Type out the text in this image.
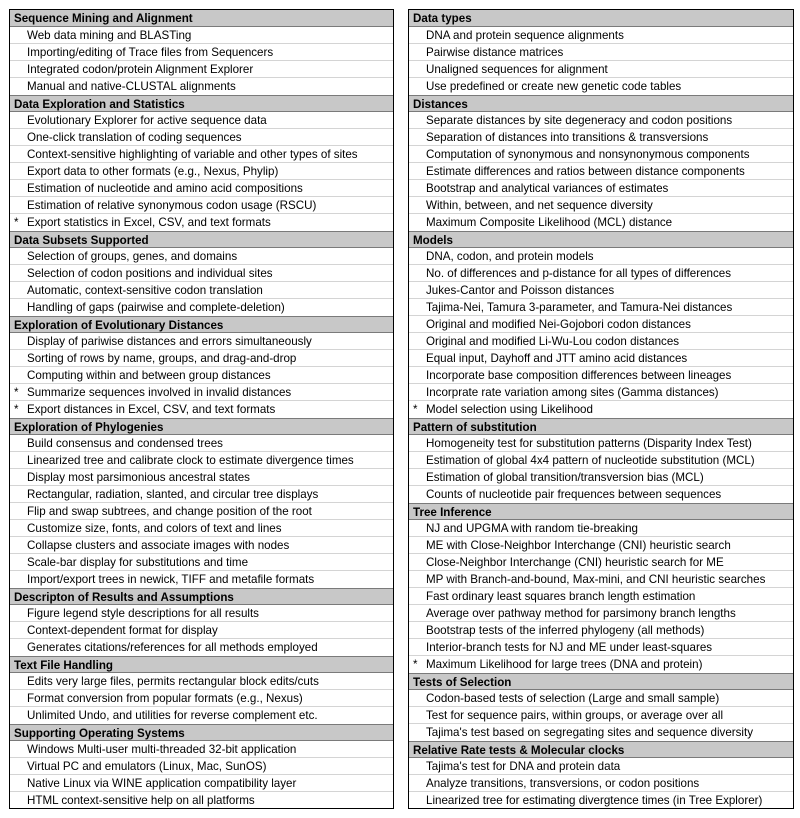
Sequence Mining and Alignment
Web data mining and BLASTing
Importing/editing of Trace files from Sequencers
Integrated codon/protein Alignment Explorer
Manual and native-CLUSTAL alignments
Data Exploration and Statistics
Evolutionary Explorer for active sequence data
One-click translation of coding sequences
Context-sensitive highlighting of variable and other types of sites
Export data to other formats (e.g., Nexus, Phylip)
Estimation of nucleotide and amino acid compositions
Estimation of relative synonymous codon usage (RSCU)
* Export statistics in Excel, CSV, and text formats
Data Subsets Supported
Selection of groups, genes, and domains
Selection of codon positions and individual sites
Automatic, context-sensitive codon translation
Handling of gaps (pairwise and complete-deletion)
Exploration of Evolutionary Distances
Display of pariwise distances and errors simultaneously
Sorting of rows by name, groups, and drag-and-drop
Computing within and between group distances
* Summarize sequences involved in invalid distances
* Export distances in Excel, CSV, and text formats
Exploration of Phylogenies
Build consensus and condensed trees
Linearized tree and calibrate clock to estimate divergence times
Display most parsimonious ancestral states
Rectangular, radiation, slanted, and circular tree displays
Flip and swap subtrees, and change position of the root
Customize size, fonts, and colors of text and lines
Collapse clusters and associate images with nodes
Scale-bar display for substitutions and time
Import/export trees in newick, TIFF and metafile formats
Descripton of Results and Assumptions
Figure legend style descriptions for all results
Context-dependent format for display
Generates citations/references for all methods employed
Text File Handling
Edits very large files, permits rectangular block edits/cuts
Format conversion from popular formats (e.g., Nexus)
Unlimited Undo, and utilities for reverse complement etc.
Supporting Operating Systems
Windows Multi-user multi-threaded 32-bit application
Virtual PC and emulators (Linux, Mac, SunOS)
Native Linux via WINE application compatibility layer
HTML context-sensitive help on all platforms
Data types
DNA and protein sequence alignments
Pairwise distance matrices
Unaligned sequences for alignment
Use predefined or create new genetic code tables
Distances
Separate distances by site degeneracy and codon positions
Separation of distances into transitions & transversions
Computation of synonymous and nonsynonymous components
Estimate differences and ratios between distance components
Bootstrap and analytical variances of estimates
Within, between, and net sequence diversity
Maximum Composite Likelihood (MCL) distance
Models
DNA, codon, and protein models
No. of differences and p-distance for all types of differences
Jukes-Cantor and Poisson distances
Tajima-Nei, Tamura 3-parameter, and Tamura-Nei distances
Original and modified Nei-Gojobori codon distances
Original and modified Li-Wu-Lou codon distances
Equal input, Dayhoff and JTT amino acid distances
Incorporate base composition differences between lineages
Incorprate rate variation among sites (Gamma distances)
* Model selection using Likelihood
Pattern of substitution
Homogeneity test for substitution patterns (Disparity Index Test)
Estimation of global 4x4 pattern of nucleotide substitution (MCL)
Estimation of global transition/transversion bias (MCL)
Counts of nucleotide pair frequences between sequences
Tree Inference
NJ and UPGMA with random tie-breaking
ME with Close-Neighbor Interchange (CNI) heuristic search
Close-Neighbor Interchange (CNI) heuristic search for ME
MP with Branch-and-bound, Max-mini, and CNI heuristic searches
Fast ordinary least squares branch length estimation
Average over pathway method for parsimony branch lengths
Bootstrap tests of the inferred phylogeny (all methods)
Interior-branch tests for NJ and ME under least-squares
* Maximum Likelihood for large trees (DNA and protein)
Tests of Selection
Codon-based tests of selection (Large and small sample)
Test for sequence pairs, within groups, or average over all
Tajima's test based on segregating sites and sequence diversity
Relative Rate tests & Molecular clocks
Tajima's test for DNA and protein data
Analyze transitions, transversions, or codon positions
Linearized tree for estimating divergtence times (in Tree Explorer)
